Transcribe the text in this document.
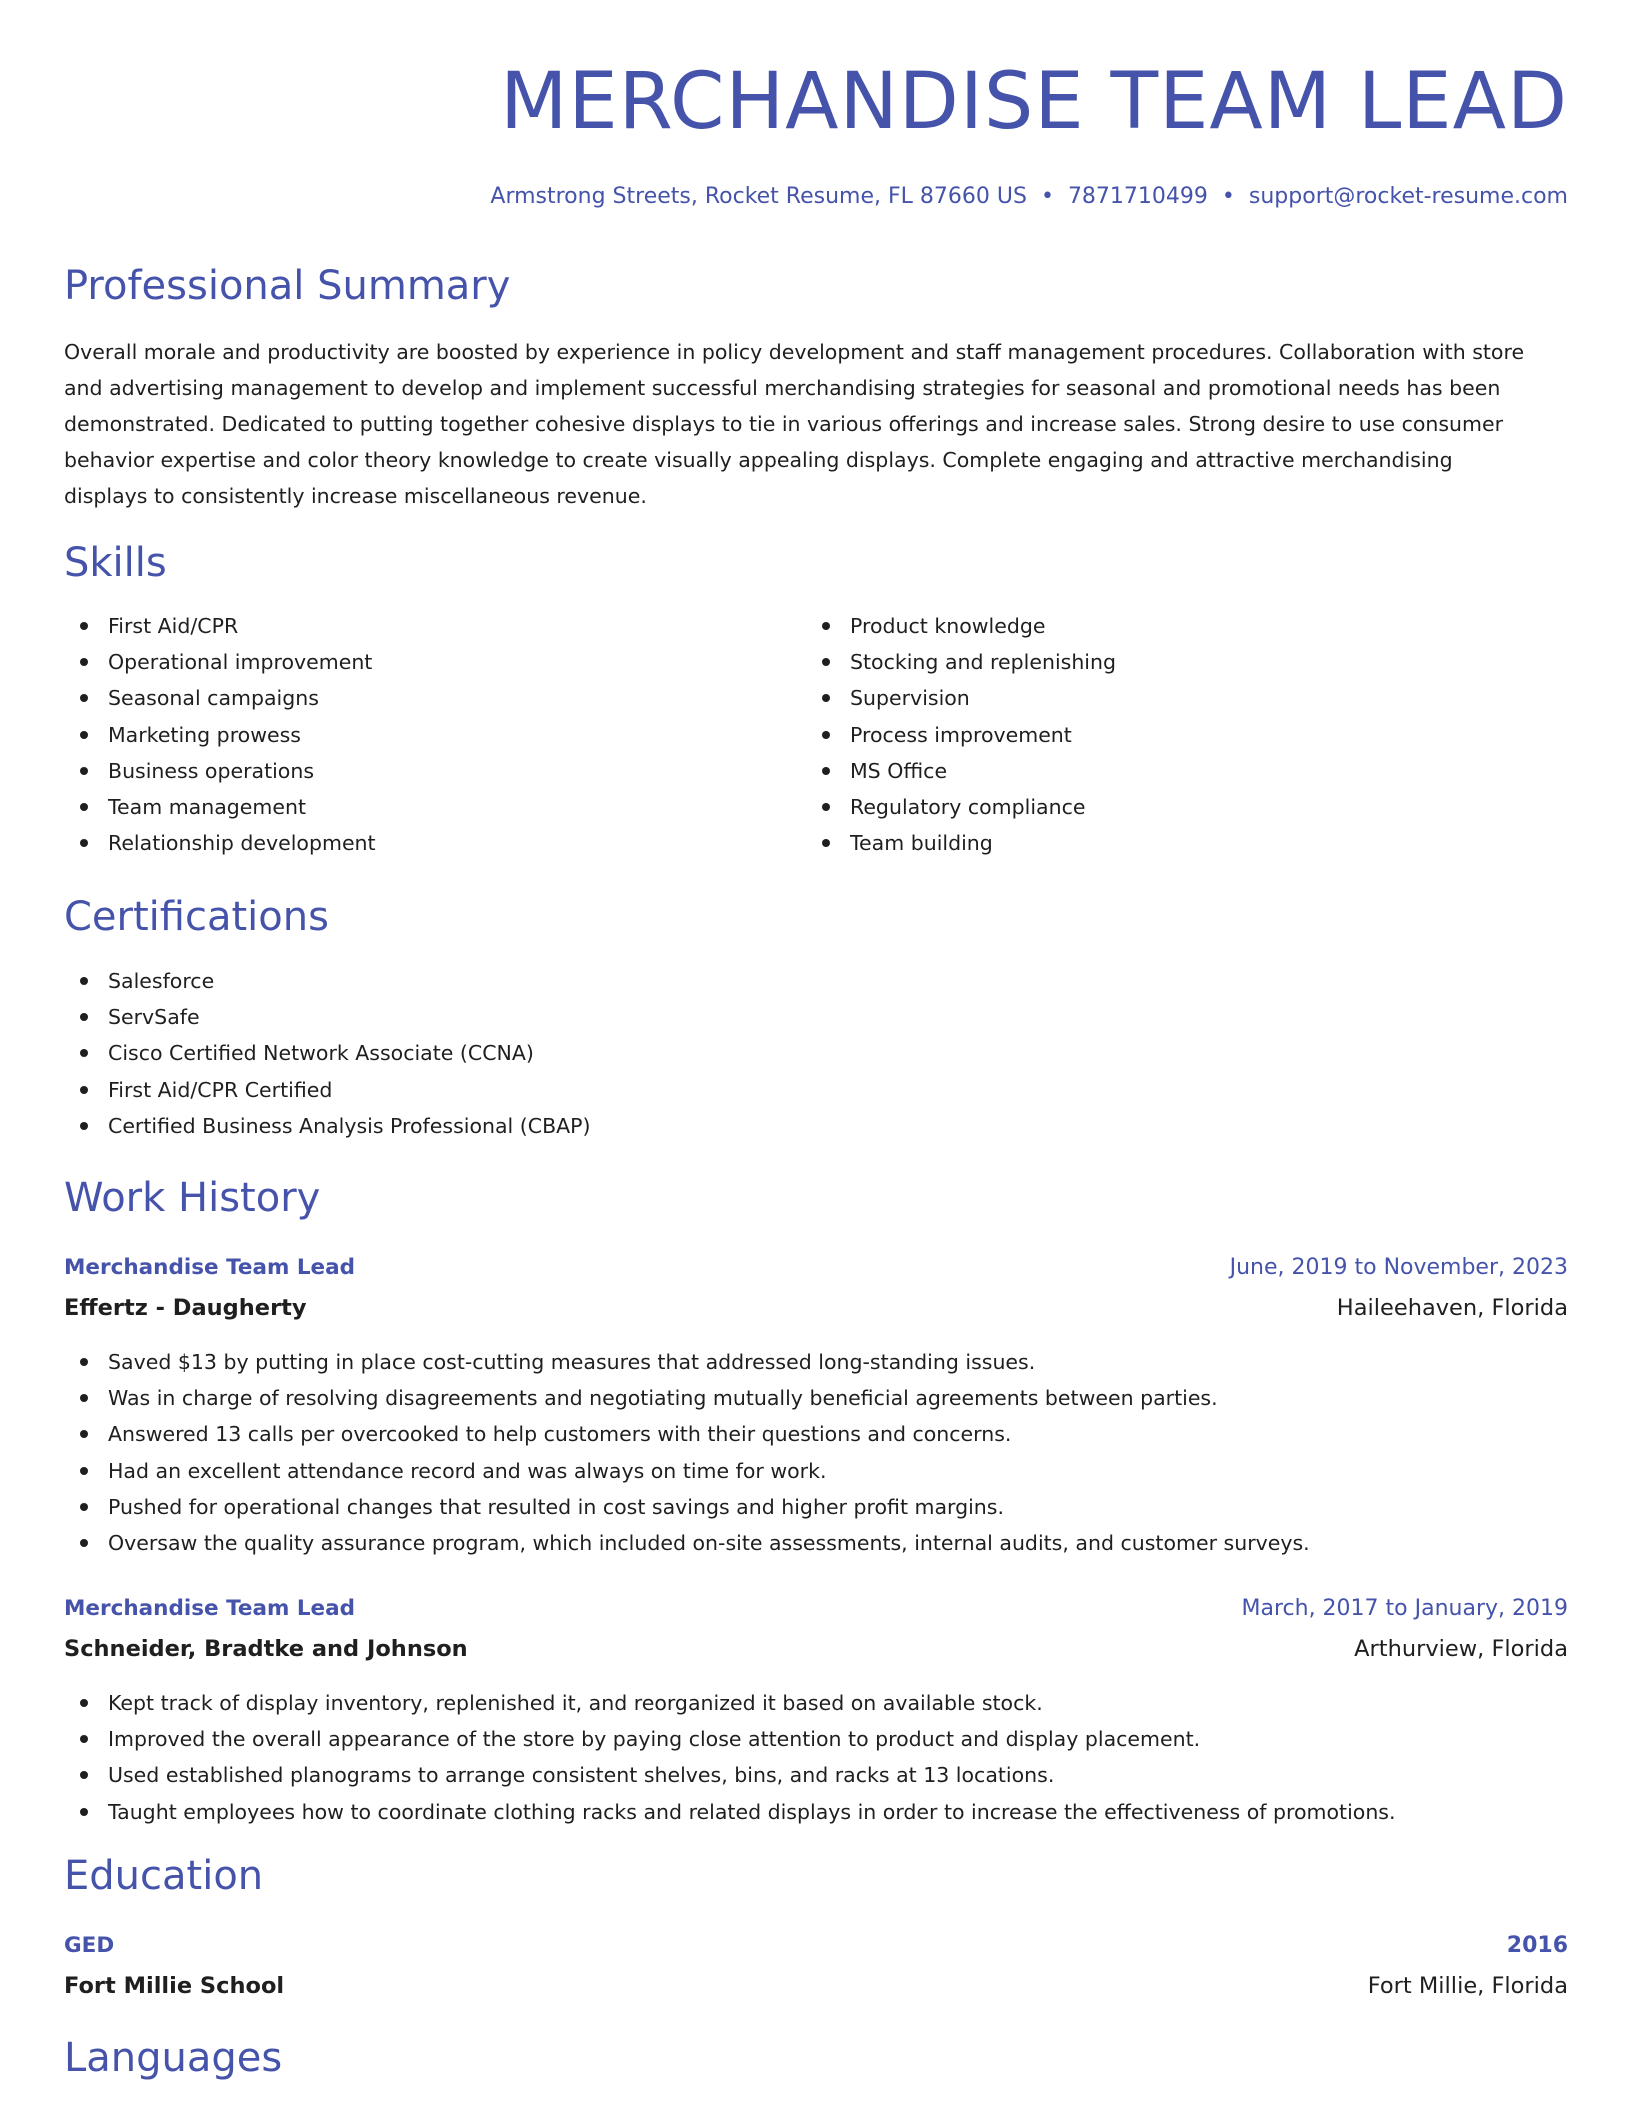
MERCHANDISE TEAM LEAD
Armstrong Streets, Rocket Resume, FL 87660 US • 7871710499 • support@rocket-resume.com
Professional Summary
Overall morale and productivity are boosted by experience in policy development and staff management procedures. Collaboration with store
and advertising management to develop and implement successful merchandising strategies for seasonal and promotional needs has been
demonstrated. Dedicated to putting together cohesive displays to tie in various offerings and increase sales. Strong desire to use consumer
behavior expertise and color theory knowledge to create visually appealing displays. Complete engaging and attractive merchandising
displays to consistently increase miscellaneous revenue.
Skills
First Aid/CPR
Operational improvement
Seasonal campaigns
Marketing prowess
Business operations
Team management
Relationship development
Product knowledge
Stocking and replenishing
Supervision
Process improvement
MS Office
Regulatory compliance
Team building
Certifications
Salesforce
ServSafe
Cisco Certified Network Associate (CCNA)
First Aid/CPR Certified
Certified Business Analysis Professional (CBAP)
Work History
Merchandise Team Lead	June, 2019 to November, 2023
Effertz - Daugherty	Haileehaven, Florida
Saved $13 by putting in place cost-cutting measures that addressed long-standing issues.
Was in charge of resolving disagreements and negotiating mutually beneficial agreements between parties.
Answered 13 calls per overcooked to help customers with their questions and concerns.
Had an excellent attendance record and was always on time for work.
Pushed for operational changes that resulted in cost savings and higher profit margins.
Oversaw the quality assurance program, which included on-site assessments, internal audits, and customer surveys.
Merchandise Team Lead	March, 2017 to January, 2019
Schneider, Bradtke and Johnson	Arthurview, Florida
Kept track of display inventory, replenished it, and reorganized it based on available stock.
Improved the overall appearance of the store by paying close attention to product and display placement.
Used established planograms to arrange consistent shelves, bins, and racks at 13 locations.
Taught employees how to coordinate clothing racks and related displays in order to increase the effectiveness of promotions.
Education
GED	2016
Fort Millie School	Fort Millie, Florida
Languages
